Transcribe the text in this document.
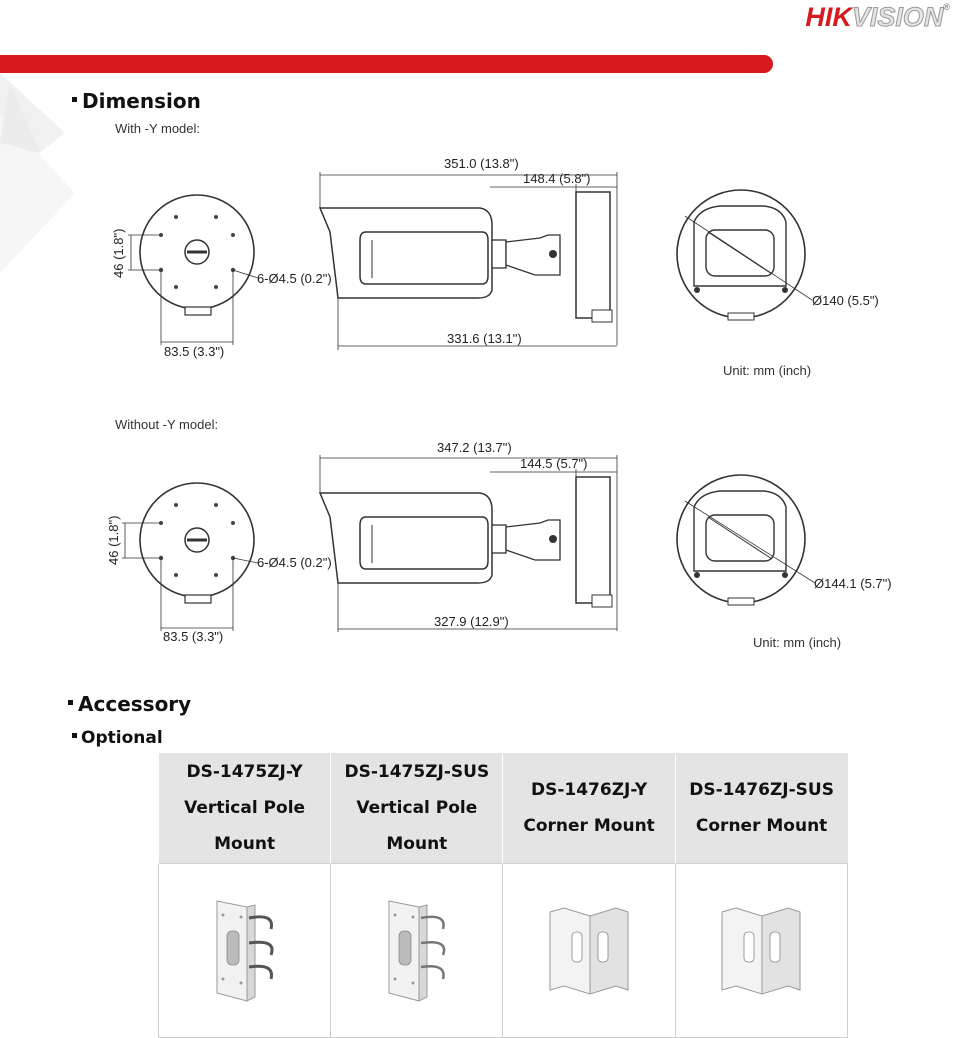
HIKVISION®
Dimension
With -Y model:
46 (1.8")
6-Ø4.5 (0.2")
83.5 (3.3")
351.0 (13.8")
148.4 (5.8")
331.6 (13.1")
Ø140 (5.5")
Unit: mm (inch)
Without -Y model:
46 (1.8")	6-Ø4.5 (0.2")
83.5 (3.3")
347.2 (13.7")
144.5 (5.7")
327.9 (12.9")
Ø144.1 (5.7")
Unit: mm (inch)
Accessory
Optional
DS-1475ZJ-Y
Vertical Pole
Mount	DS-1475ZJ-SUS
Vertical Pole
Mount	DS-1476ZJ-Y
Corner Mount	DS-1476ZJ-SUS
Corner Mount
